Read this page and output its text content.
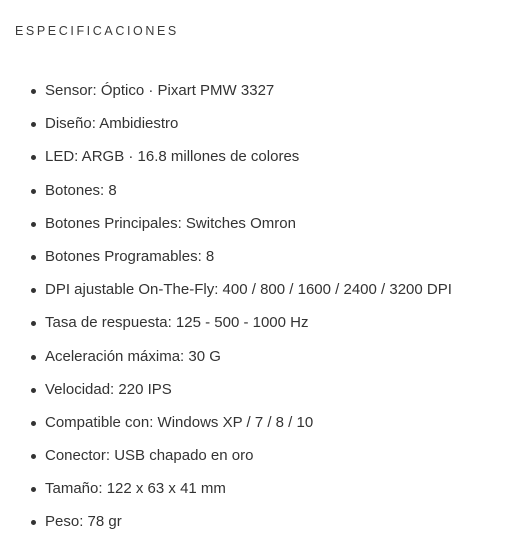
ESPECIFICACIONES
Sensor: Óptico · Pixart PMW 3327
Diseño: Ambidiestro
LED: ARGB · 16.8 millones de colores
Botones: 8
Botones Principales: Switches Omron
Botones Programables: 8
DPI ajustable On-The-Fly: 400 / 800 / 1600 / 2400 / 3200 DPI
Tasa de respuesta: 125 - 500 - 1000 Hz
Aceleración máxima: 30 G
Velocidad: 220 IPS
Compatible con: Windows XP / 7 / 8 / 10
Conector: USB chapado en oro
Tamaño: 122 x 63 x 41 mm
Peso: 78 gr
